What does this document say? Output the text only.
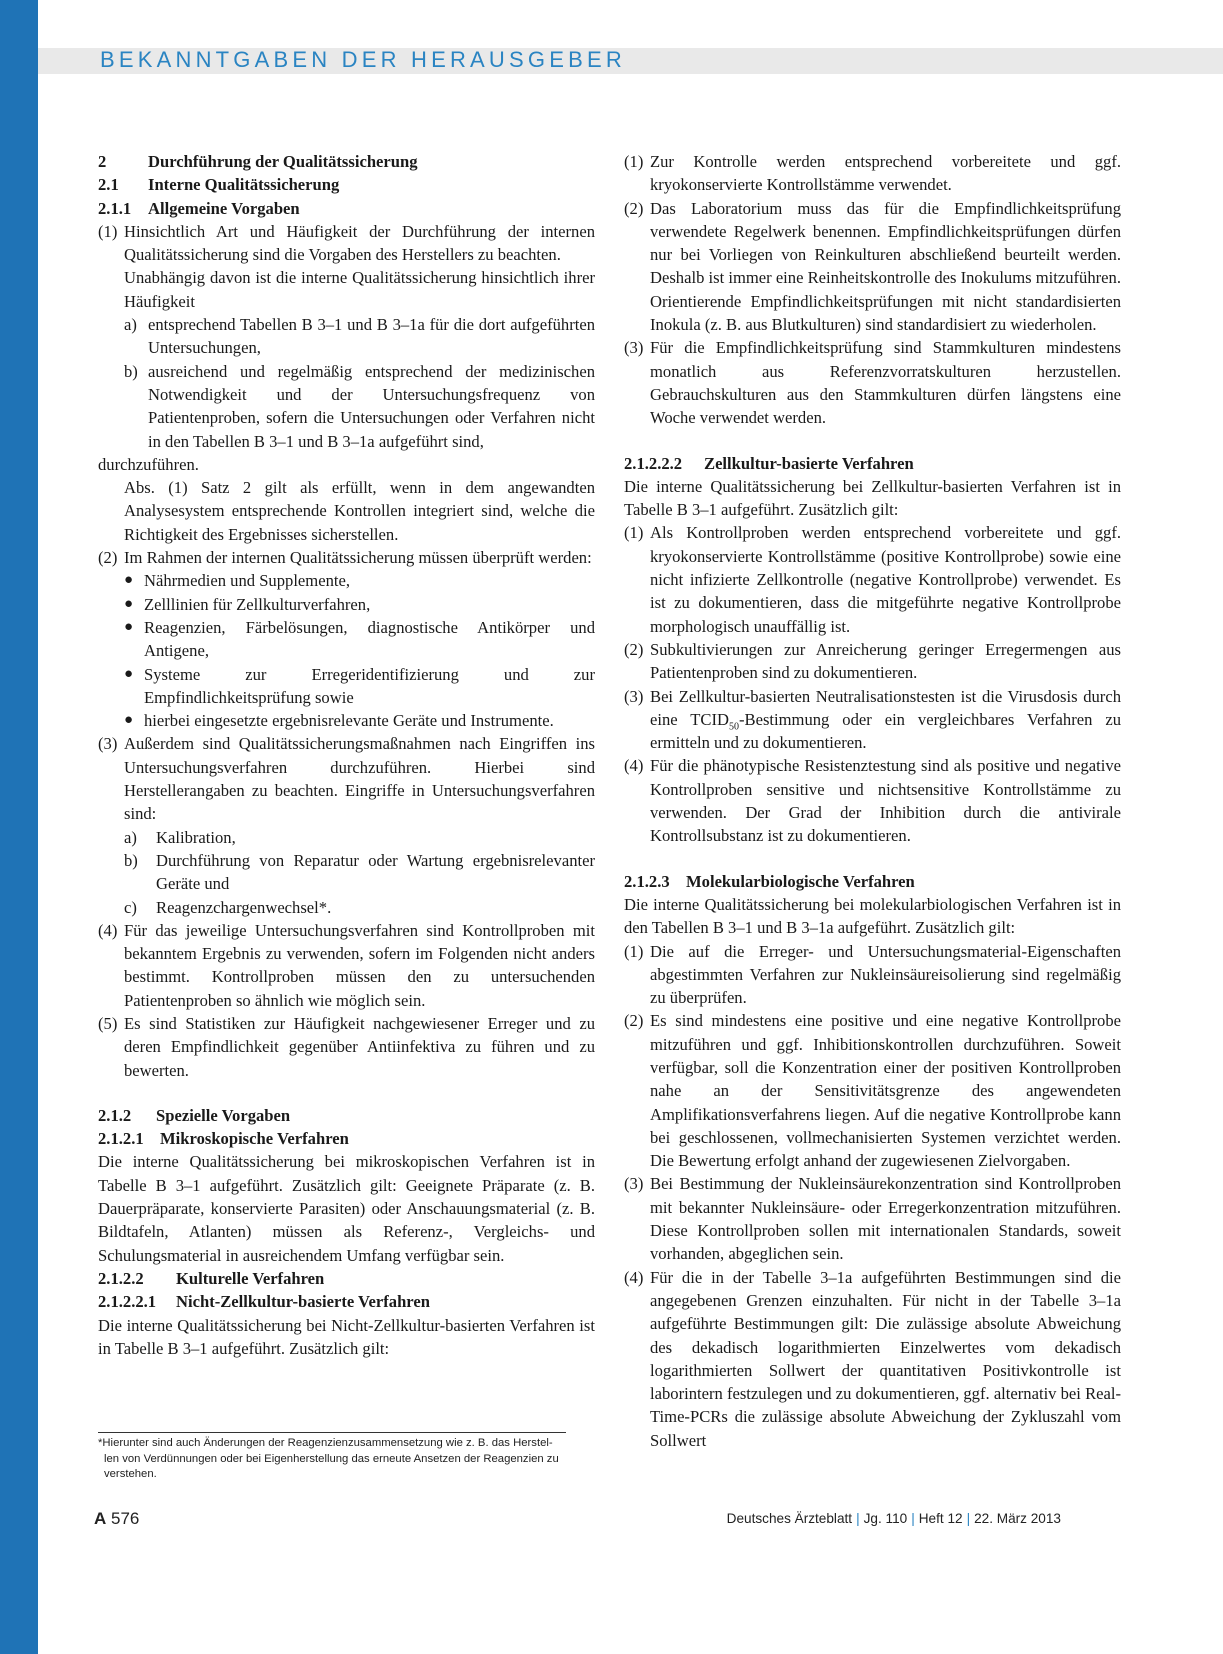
BEKANNTGABEN DER HERAUSGEBER
2	Durchführung der Qualitätssicherung
2.1	Interne Qualitätssicherung
2.1.1	Allgemeine Vorgaben
(1) Hinsichtlich Art und Häufigkeit der Durchführung der internen Qualitätssicherung sind die Vorgaben des Herstellers zu beachten.
Unabhängig davon ist die interne Qualitätssicherung hinsichtlich ihrer Häufigkeit
a) entsprechend Tabellen B 3–1 und B 3–1a für die dort aufgeführten Untersuchungen,
b) ausreichend und regelmäßig entsprechend der medizinischen Notwendigkeit und der Untersuchungsfrequenz von Patientenproben, sofern die Untersuchungen oder Verfahren nicht in den Tabellen B 3–1 und B 3–1a aufgeführt sind,
durchzuführen.
Abs. (1) Satz 2 gilt als erfüllt, wenn in dem angewandten Analysesystem entsprechende Kontrollen integriert sind, welche die Richtigkeit des Ergebnisses sicherstellen.
(2) Im Rahmen der internen Qualitätssicherung müssen überprüft werden:
● Nährmedien und Supplemente,
● Zelllinien für Zellkulturverfahren,
● Reagenzien, Färbelösungen, diagnostische Antikörper und Antigene,
● Systeme zur Erregeridentifizierung und zur Empfindlichkeitsprüfung sowie
● hierbei eingesetzte ergebnisrelevante Geräte und Instrumente.
(3) Außerdem sind Qualitätssicherungsmaßnahmen nach Eingriffen ins Untersuchungsverfahren durchzuführen. Hierbei sind Herstellerangaben zu beachten. Eingriffe in Untersuchungsverfahren sind:
a)	Kalibration,
b)	Durchführung von Reparatur oder Wartung ergebnisrelevanter Geräte und
c)	Reagenzchargenwechsel*.
(4) Für das jeweilige Untersuchungsverfahren sind Kontrollproben mit bekanntem Ergebnis zu verwenden, sofern im Folgenden nicht anders bestimmt. Kontrollproben müssen den zu untersuchenden Patientenproben so ähnlich wie möglich sein.
(5) Es sind Statistiken zur Häufigkeit nachgewiesener Erreger und zu deren Empfindlichkeit gegenüber Antiinfektiva zu führen und zu bewerten.
2.1.2	Spezielle Vorgaben
2.1.2.1 Mikroskopische Verfahren
Die interne Qualitätssicherung bei mikroskopischen Verfahren ist in Tabelle B 3–1 aufgeführt. Zusätzlich gilt: Geeignete Präparate (z. B. Dauerpräparate, konservierte Parasiten) oder Anschauungsmaterial (z. B. Bildtafeln, Atlanten) müssen als Referenz-, Vergleichs- und Schulungsmaterial in ausreichendem Umfang verfügbar sein.
2.1.2.2	Kulturelle Verfahren
2.1.2.2.1	Nicht-Zellkultur-basierte Verfahren
Die interne Qualitätssicherung bei Nicht-Zellkultur-basierten Verfahren ist in Tabelle B 3–1 aufgeführt. Zusätzlich gilt:
(1) Zur Kontrolle werden entsprechend vorbereitete und ggf. kryokonservierte Kontrollstämme verwendet.
(2) Das Laboratorium muss das für die Empfindlichkeitsprüfung verwendete Regelwerk benennen. Empfindlichkeitsprüfungen dürfen nur bei Vorliegen von Reinkulturen abschließend beurteilt werden. Deshalb ist immer eine Reinheitskontrolle des Inokulums mitzuführen. Orientierende Empfindlichkeitsprüfungen mit nicht standardisierten Inokula (z. B. aus Blutkulturen) sind standardisiert zu wiederholen.
(3) Für die Empfindlichkeitsprüfung sind Stammkulturen mindestens monatlich aus Referenzvorratskulturen herzustellen. Gebrauchskulturen aus den Stammkulturen dürfen längstens eine Woche verwendet werden.
2.1.2.2.2	Zellkultur-basierte Verfahren
Die interne Qualitätssicherung bei Zellkultur-basierten Verfahren ist in Tabelle B 3–1 aufgeführt. Zusätzlich gilt:
(1) Als Kontrollproben werden entsprechend vorbereitete und ggf. kryokonservierte Kontrollstämme (positive Kontrollprobe) sowie eine nicht infizierte Zellkontrolle (negative Kontrollprobe) verwendet. Es ist zu dokumentieren, dass die mitgeführte negative Kontrollprobe morphologisch unauffällig ist.
(2) Subkultivierungen zur Anreicherung geringer Erregermengen aus Patientenproben sind zu dokumentieren.
(3) Bei Zellkultur-basierten Neutralisationstesten ist die Virusdosis durch eine $TCID_{50}$-Bestimmung oder ein vergleichbares Verfahren zu ermitteln und zu dokumentieren.
(4) Für die phänotypische Resistenztestung sind als positive und negative Kontrollproben sensitive und nichtsensitive Kontrollstämme zu verwenden. Der Grad der Inhibition durch die antivirale Kontrollsubstanz ist zu dokumentieren.
2.1.2.3 Molekularbiologische Verfahren
Die interne Qualitätssicherung bei molekularbiologischen Verfahren ist in den Tabellen B 3–1 und B 3–1a aufgeführt. Zusätzlich gilt:
(1) Die auf die Erreger- und Untersuchungsmaterial-Eigenschaften abgestimmten Verfahren zur Nukleinsäureisolierung sind regelmäßig zu überprüfen.
(2) Es sind mindestens eine positive und eine negative Kontrollprobe mitzuführen und ggf. Inhibitionskontrollen durchzuführen. Soweit verfügbar, soll die Konzentration einer der positiven Kontrollproben nahe an der Sensitivitätsgrenze des angewendeten Amplifikationsverfahrens liegen. Auf die negative Kontrollprobe kann bei geschlossenen, vollmechanisierten Systemen verzichtet werden. Die Bewertung erfolgt anhand der zugewiesenen Zielvorgaben.
(3) Bei Bestimmung der Nukleinsäurekonzentration sind Kontrollproben mit bekannter Nukleinsäure- oder Erregerkonzentration mitzuführen. Diese Kontrollproben sollen mit internationalen Standards, soweit vorhanden, abgeglichen sein.
(4) Für die in der Tabelle 3–1a aufgeführten Bestimmungen sind die angegebenen Grenzen einzuhalten. Für nicht in der Tabelle 3–1a aufgeführte Bestimmungen gilt: Die zulässige absolute Abweichung des dekadisch logarithmierten Einzelwertes vom dekadisch logarithmierten Sollwert der quantitativen Positivkontrolle ist laborintern festzulegen und zu dokumentieren, ggf. alternativ bei Real-Time-PCRs die zulässige absolute Abweichung der Zykluszahl vom Sollwert
*Hierunter sind auch Änderungen der Reagenzienzusammensetzung wie z. B. das Herstel-
len von Verdünnungen oder bei Eigenherstellung das erneute Ansetzen der Reagenzien zu
verstehen.
A 576	Deutsches Ärzteblatt | Jg. 110 | Heft 12 | 22. März 2013
